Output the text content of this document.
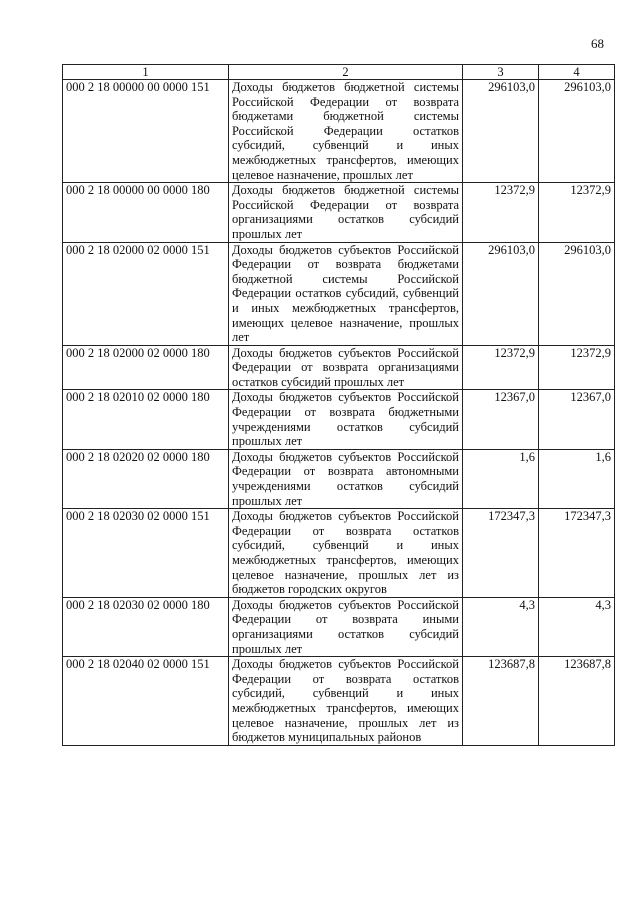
68
1	2	3	4
000 2 18 00000 00 0000 151	Доходы бюджетов бюджетной системы Российской Федерации от возврата бюджетами бюджетной системы Российской Федерации остатков субсидий, субвенций и иных межбюджетных трансфертов, имеющих целевое назначение, прошлых лет	296103,0	296103,0
000 2 18 00000 00 0000 180	Доходы бюджетов бюджетной системы Российской Федерации от возврата организациями остатков субсидий прошлых лет	12372,9	12372,9
000 2 18 02000 02 0000 151	Доходы бюджетов субъектов Российской Федерации от возврата бюджетами бюджетной системы Российской Федерации остатков субсидий, субвенций и иных межбюджетных трансфертов, имеющих целевое назначение, прошлых лет	296103,0	296103,0
000 2 18 02000 02 0000 180	Доходы бюджетов субъектов Российской Федерации от возврата организациями остатков субсидий прошлых лет	12372,9	12372,9
000 2 18 02010 02 0000 180	Доходы бюджетов субъектов Российской Федерации от возврата бюджетными учреждениями остатков субсидий прошлых лет	12367,0	12367,0
000 2 18 02020 02 0000 180	Доходы бюджетов субъектов Российской Федерации от возврата автономными учреждениями остатков субсидий прошлых лет	1,6	1,6
000 2 18 02030 02 0000 151	Доходы бюджетов субъектов Российской Федерации от возврата остатков субсидий, субвенций и иных межбюджетных трансфертов, имеющих целевое назначение, прошлых лет из бюджетов городских округов	172347,3	172347,3
000 2 18 02030 02 0000 180	Доходы бюджетов субъектов Российской Федерации от возврата иными организациями остатков субсидий прошлых лет	4,3	4,3
000 2 18 02040 02 0000 151	Доходы бюджетов субъектов Российской Федерации от возврата остатков субсидий, субвенций и иных межбюджетных трансфертов, имеющих целевое назначение, прошлых лет из бюджетов муниципальных районов	123687,8	123687,8
